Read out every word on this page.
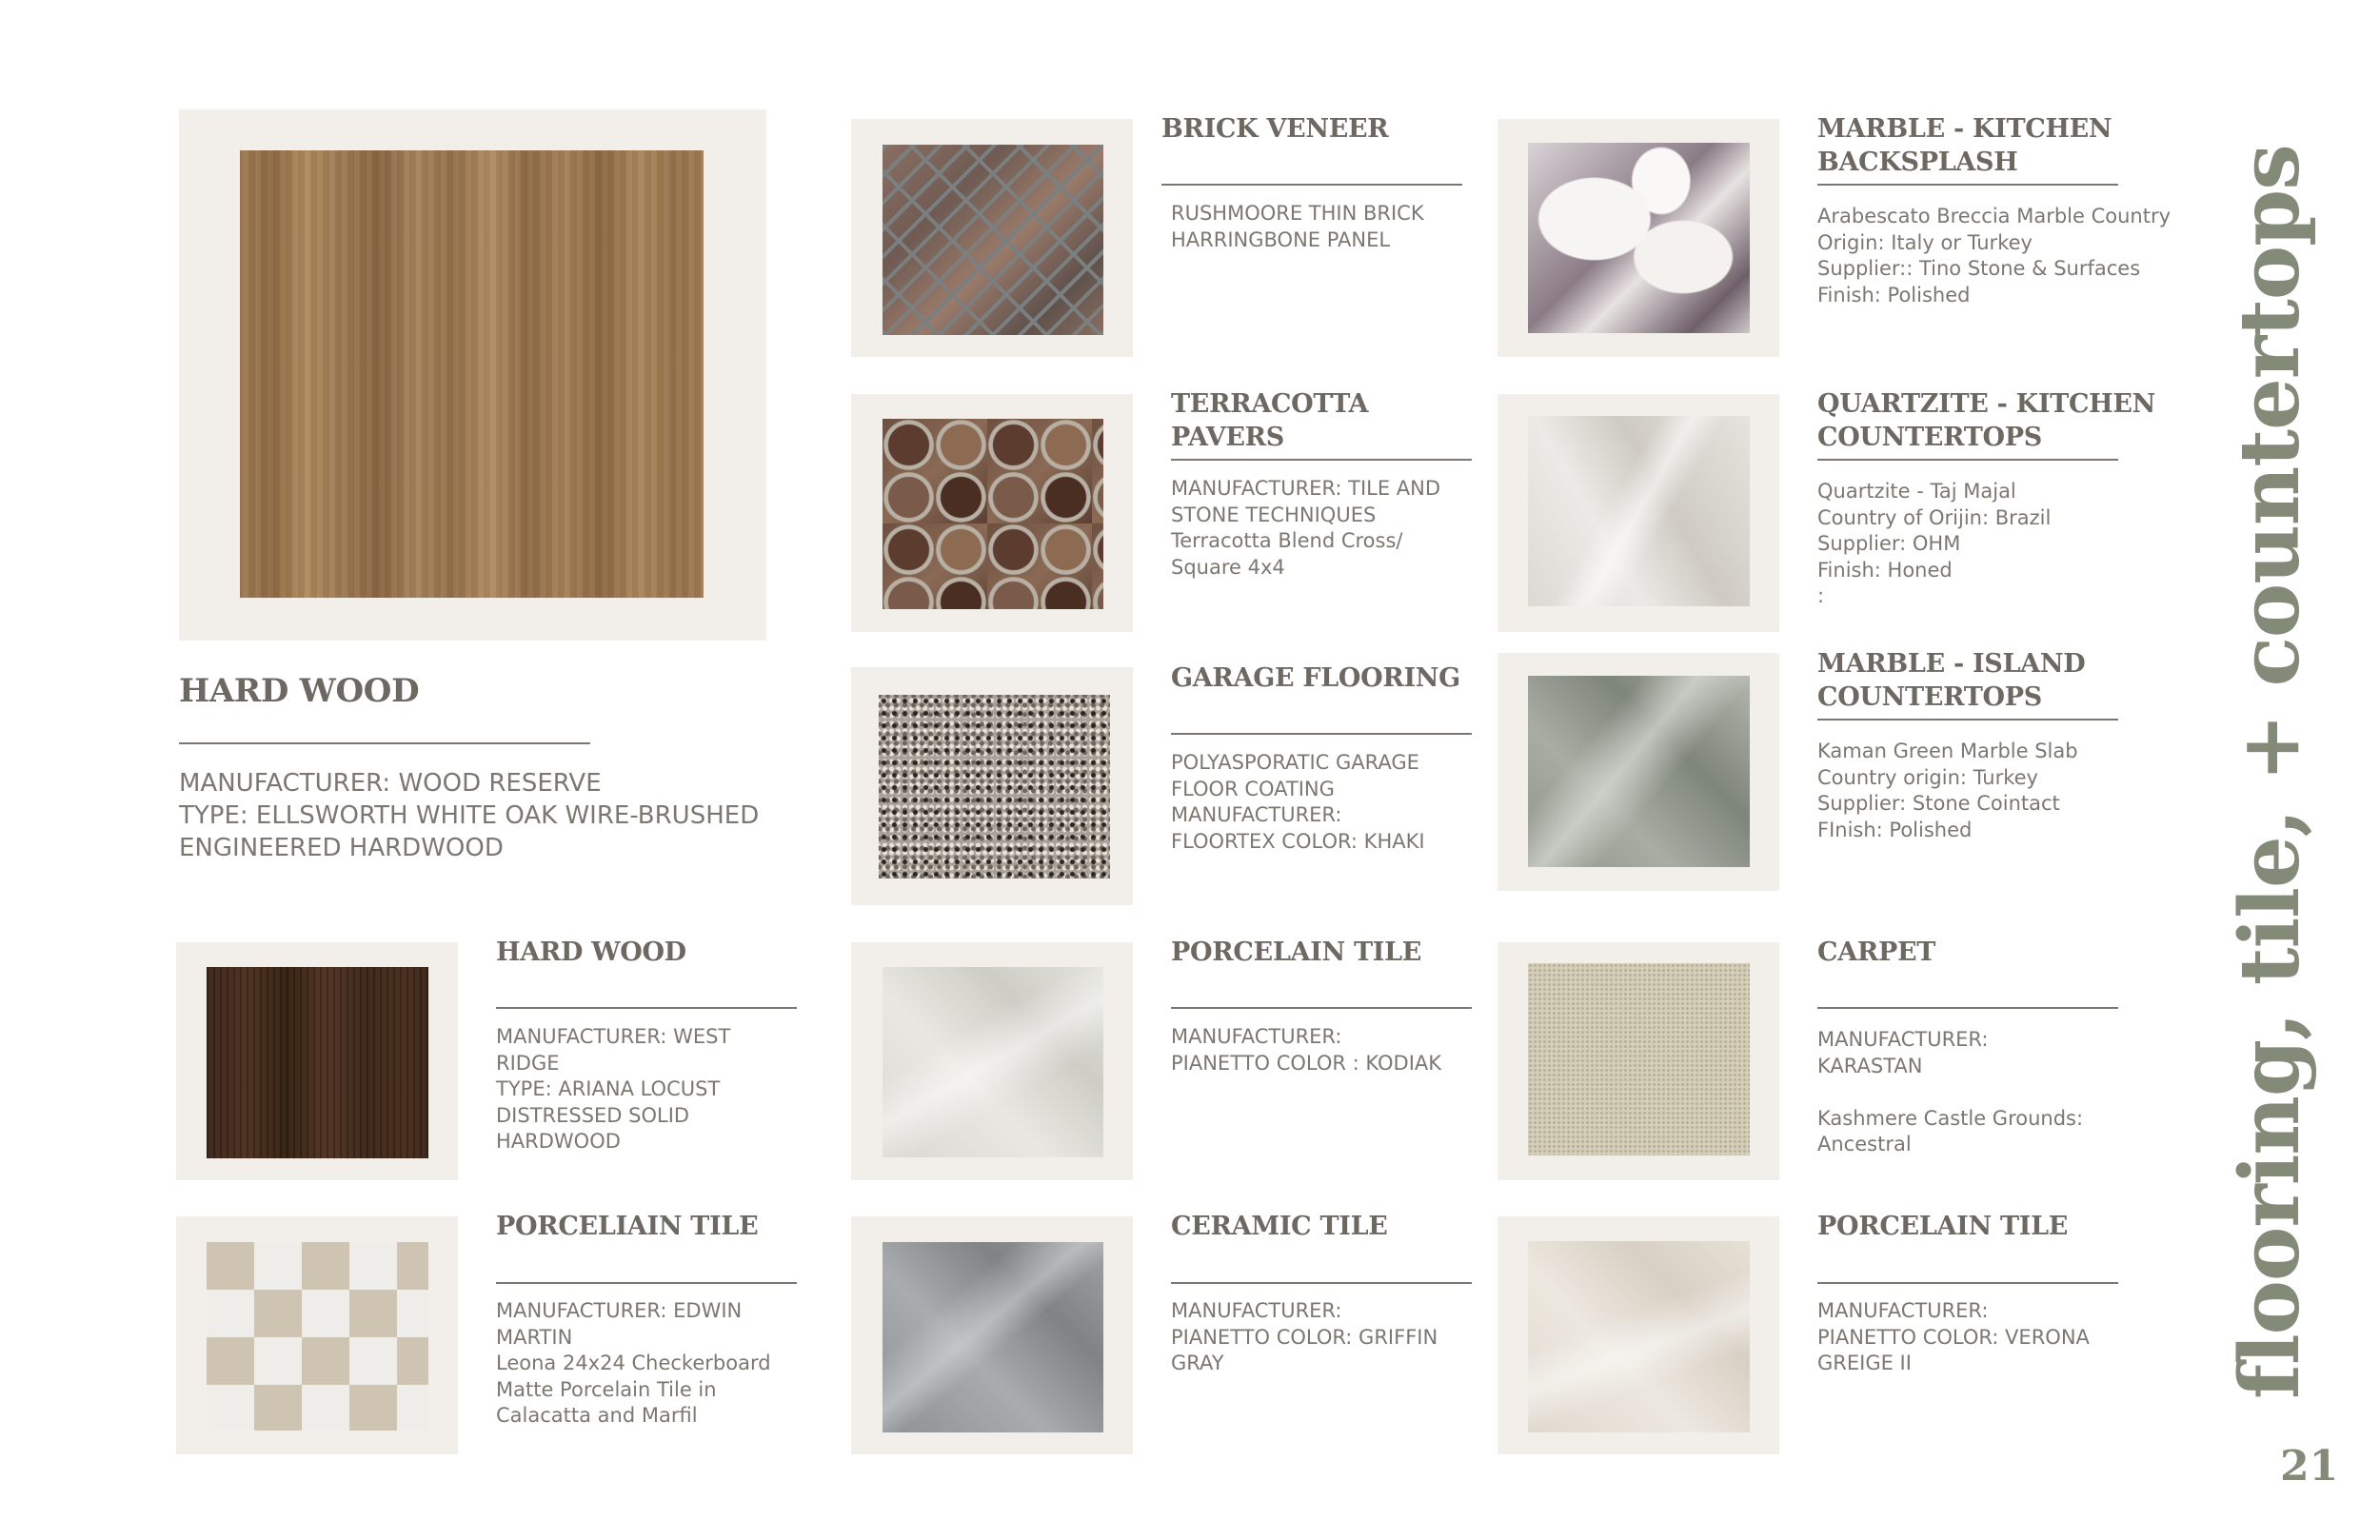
HARD WOOD
MANUFACTURER: WOOD RESERVE
TYPE: ELLSWORTH WHITE OAK WIRE-BRUSHED
ENGINEERED HARDWOOD
HARD WOOD
MANUFACTURER: WEST
RIDGE
TYPE: ARIANA LOCUST
DISTRESSED SOLID
HARDWOOD
PORCELIAIN TILE
MANUFACTURER: EDWIN
MARTIN
Leona 24x24 Checkerboard
Matte Porcelain Tile in
Calacatta and Marfil
BRICK VENEER
RUSHMOORE THIN BRICK
HARRINGBONE PANEL
TERRACOTTA
PAVERS
MANUFACTURER: TILE AND
STONE TECHNIQUES
Terracotta Blend Cross/
Square 4x4
GARAGE FLOORING
POLYASPORATIC GARAGE
FLOOR COATING
MANUFACTURER:
FLOORTEX COLOR: KHAKI
PORCELAIN TILE
MANUFACTURER:
PIANETTO COLOR : KODIAK
CERAMIC TILE
MANUFACTURER:
PIANETTO COLOR: GRIFFIN
GRAY
MARBLE - KITCHEN
BACKSPLASH
Arabescato Breccia Marble Country
Origin: Italy or Turkey
Supplier:: Tino Stone & Surfaces
Finish: Polished
QUARTZITE - KITCHEN
COUNTERTOPS
Quartzite - Taj Majal
Country of Orijin: Brazil
Supplier: OHM
Finish: Honed
:
MARBLE - ISLAND
COUNTERTOPS
Kaman Green Marble Slab
Country origin: Turkey
Supplier: Stone Cointact
FInish: Polished
CARPET
MANUFACTURER:
KARASTAN

Kashmere Castle Grounds:
Ancestral
PORCELAIN TILE
MANUFACTURER:
PIANETTO COLOR: VERONA
GREIGE II	flooring, tile, + countertops
21
